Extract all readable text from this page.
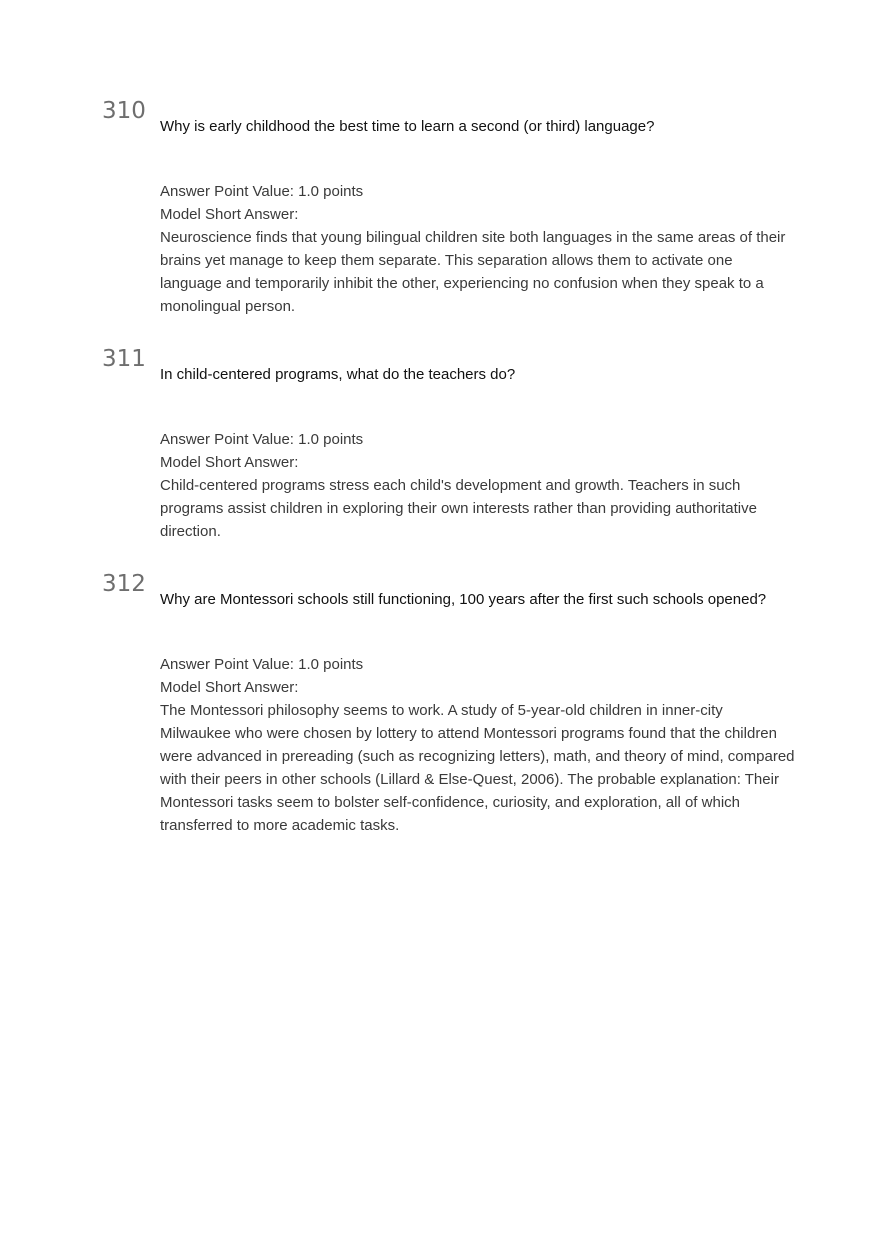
310
Why is early childhood the best time to learn a second (or third) language?

Answer Point Value: 1.0 points

Model Short Answer:

Neuroscience finds that young bilingual children site both languages in the same areas of their brains yet manage to keep them separate. This separation allows them to activate one language and temporarily inhibit the other, experiencing no confusion when they speak to a monolingual person.

311
In child-centered programs, what do the teachers do?

Answer Point Value: 1.0 points

Model Short Answer:

Child-centered programs stress each child's development and growth. Teachers in such programs assist children in exploring their own interests rather than providing authoritative direction.

312
Why are Montessori schools still functioning, 100 years after the first such schools opened?

Answer Point Value: 1.0 points

Model Short Answer:

The Montessori philosophy seems to work. A study of 5-year-old children in inner-city Milwaukee who were chosen by lottery to attend Montessori programs found that the children were advanced in prereading (such as recognizing letters), math, and theory of mind, compared with their peers in other schools (Lillard & Else-Quest, 2006). The probable explanation: Their Montessori tasks seem to bolster self-confidence, curiosity, and exploration, all of which transferred to more academic tasks.
